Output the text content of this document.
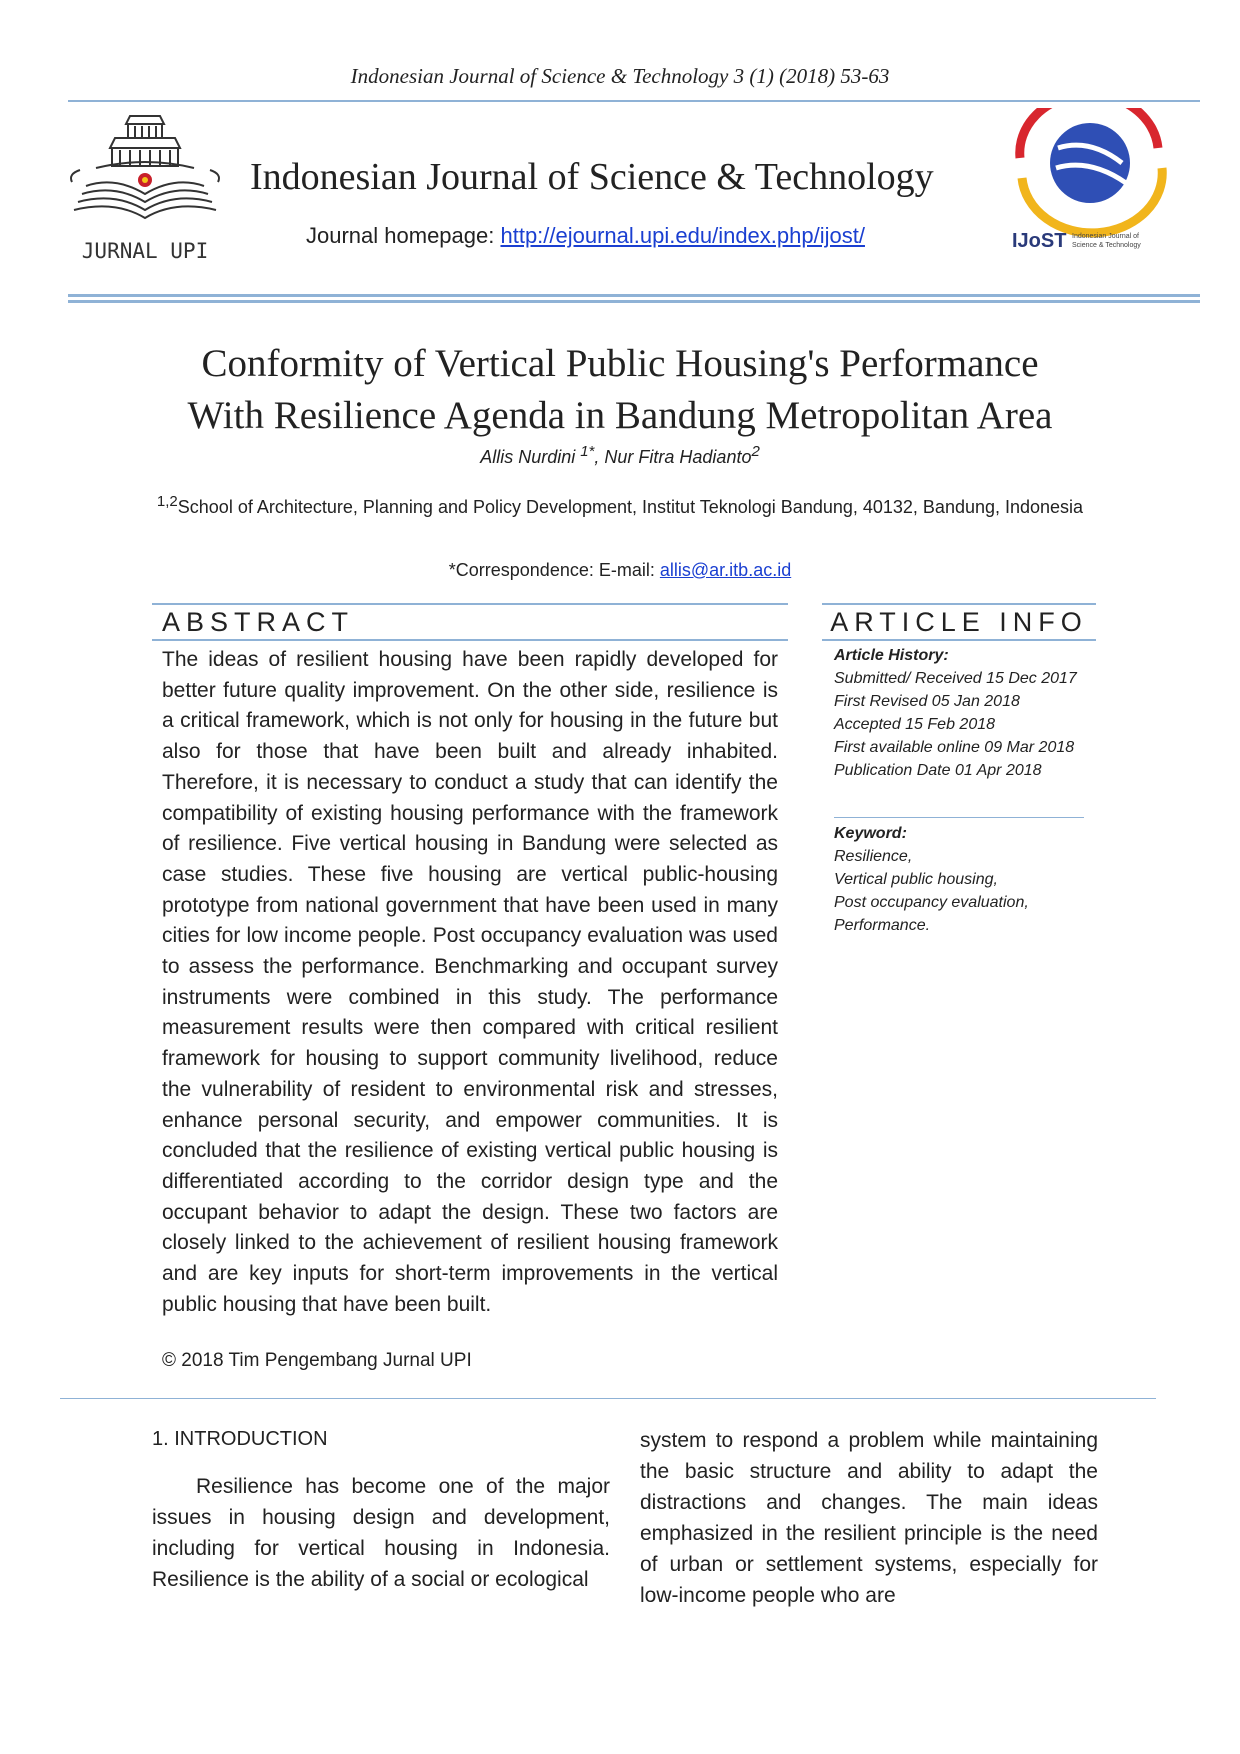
Indonesian Journal of Science & Technology 3 (1) (2018) 53-63
JURNAL UPI
Indonesian Journal of Science & Technology
Journal homepage: http://ejournal.upi.edu/index.php/ijost/	IJoST Indonesian Journal of
Science & Technology
Conformity of Vertical Public Housing's Performance
With Resilience Agenda in Bandung Metropolitan Area
Allis Nurdini $^{1*}$, Nur Fitra Hadianto$^2$
$^{1,2}$School of Architecture, Planning and Policy Development, Institut Teknologi Bandung, 40132, Bandung, Indonesia
*Correspondence: E-mail: allis@ar.itb.ac.id
ABSTRACT
The ideas of resilient housing have been rapidly developed for better future quality improvement. On the other side, resilience is a critical framework, which is not only for housing in the future but also for those that have been built and already inhabited. Therefore, it is necessary to conduct a study that can identify the compatibility of existing housing performance with the framework of resilience. Five vertical housing in Bandung were selected as case studies. These five housing are vertical public-housing prototype from national government that have been used in many cities for low income people. Post occupancy evaluation was used to assess the performance. Benchmarking and occupant survey instruments were combined in this study. The performance measurement results were then compared with critical resilient framework for housing to support community livelihood, reduce the vulnerability of resident to environmental risk and stresses, enhance personal security, and empower communities. It is concluded that the resilience of existing vertical public housing is differentiated according to the corridor design type and the occupant behavior to adapt the design. These two factors are closely linked to the achievement of resilient housing framework and are key inputs for short-term improvements in the vertical public housing that have been built.
© 2018 Tim Pengembang Jurnal UPI
ARTICLE INFO
Article History:
Submitted/ Received 15 Dec 2017
First Revised 05 Jan 2018
Accepted 15 Feb 2018
First available online 09 Mar 2018
Publication Date 01 Apr 2018
Keyword:
Resilience,
Vertical public housing,
Post occupancy evaluation,
Performance.
1. INTRODUCTION
Resilience has become one of the major issues in housing design and development, including for vertical housing in Indonesia. Resilience is the ability of a social or ecological
system to respond a problem while maintaining the basic structure and ability to adapt the distractions and changes. The main ideas emphasized in the resilient principle is the need of urban or settlement systems, especially for low-income people who are
